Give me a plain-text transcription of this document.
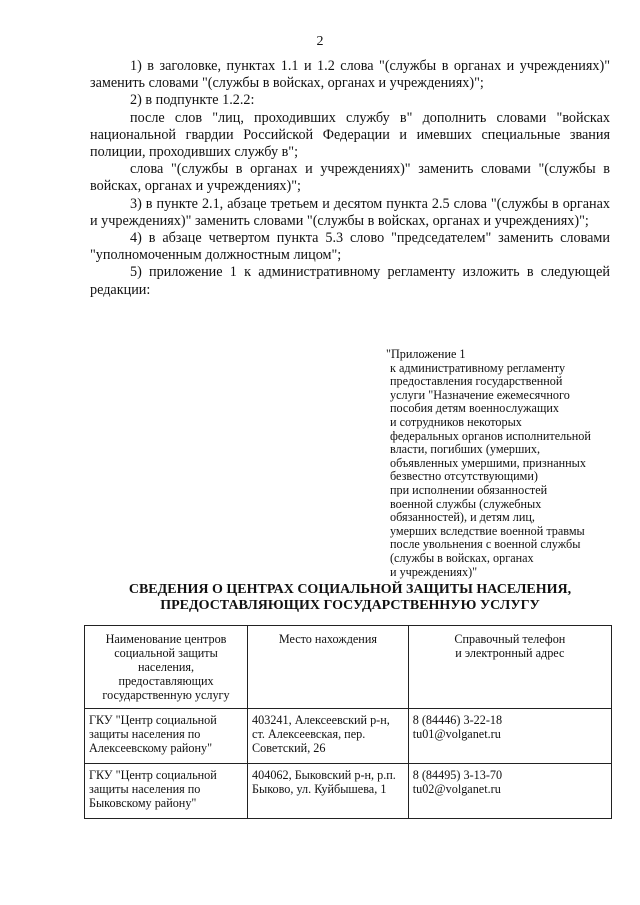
2

1) в заголовке, пунктах 1.1 и 1.2 слова "(службы в органах и учреждениях)" заменить словами "(службы в войсках, органах и учреждениях)";

2) в подпункте 1.2.2:

после слов "лиц, проходивших службу в" дополнить словами "войсках национальной гвардии Российской Федерации и имевших специальные звания полиции, проходивших службу в";

слова "(службы в органах и учреждениях)" заменить словами "(службы в войсках, органах и учреждениях)";

3) в пункте 2.1, абзаце третьем и десятом пункта 2.5 слова "(службы в органах и учреждениях)" заменить словами "(службы в войсках, органах и учреждениях)";

4) в абзаце четвертом пункта 5.3 слово "председателем" заменить словами "уполномоченным должностным лицом";

5) приложение 1 к административному регламенту изложить в следующей редакции:

"Приложение 1
к административному регламенту
предоставления государственной
услуги "Назначение ежемесячного
пособия детям военнослужащих
и сотрудников некоторых
федеральных органов исполнительной
власти, погибших (умерших,
объявленных умершими, признанных
безвестно отсутствующими)
при исполнении обязанностей
военной службы (служебных
обязанностей), и детям лиц,
умерших вследствие военной травмы
после увольнения с военной службы
(службы в войсках, органах
и учреждениях)"
СВЕДЕНИЯ О ЦЕНТРАХ СОЦИАЛЬНОЙ ЗАЩИТЫ НАСЕЛЕНИЯ,
ПРЕДОСТАВЛЯЮЩИХ ГОСУДАРСТВЕННУЮ УСЛУГУ
Наименование центров
социальной защиты
населения,
предоставляющих
государственную услугу	Место нахождения	Справочный телефон
и электронный адрес
ГКУ "Центр социальной
защиты населения по
Алексеевскому району"	403241, Алексеевский р-н,
ст. Алексеевская, пер.
Советский, 26	8 (84446) 3-22-18
tu01@volganet.ru
ГКУ "Центр социальной
защиты населения по
Быковскому району"	404062, Быковский р-н, р.п.
Быково, ул. Куйбышева, 1	8 (84495) 3-13-70
tu02@volganet.ru
